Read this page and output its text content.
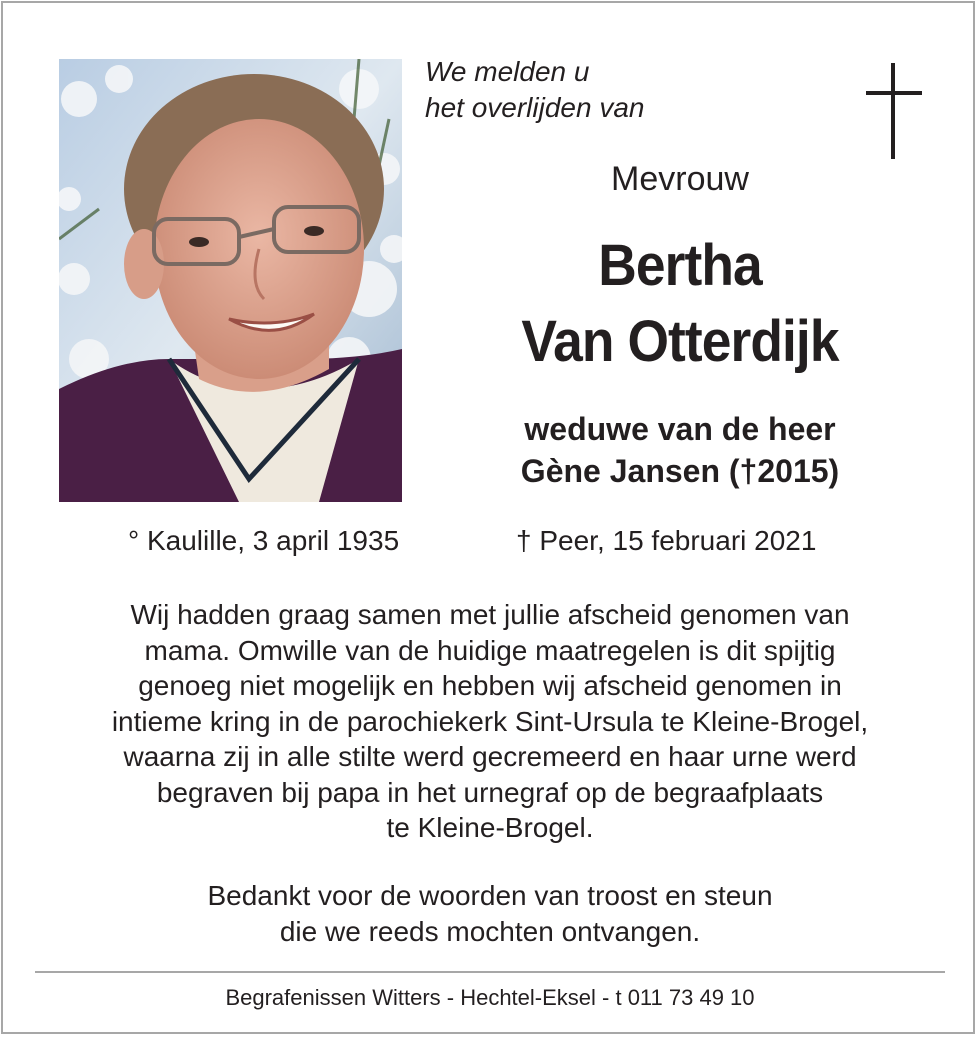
We melden u
het overlijden van
Mevrouw
Bertha
Van Otterdijk
weduwe van de heer
Gène Jansen (†2015)
° Kaulille, 3 april 1935	† Peer, 15 februari 2021
Wij hadden graag samen met jullie afscheid genomen van
mama. Omwille van de huidige maatregelen is dit spijtig
genoeg niet mogelijk en hebben wij afscheid genomen in
intieme kring in de parochiekerk Sint-Ursula te Kleine-Brogel,
waarna zij in alle stilte werd gecremeerd en haar urne werd
begraven bij papa in het urnegraf op de begraafplaats
te Kleine-Brogel.
Bedankt voor de woorden van troost en steun
die we reeds mochten ontvangen.
Begrafenissen Witters - Hechtel-Eksel - t 011 73 49 10
